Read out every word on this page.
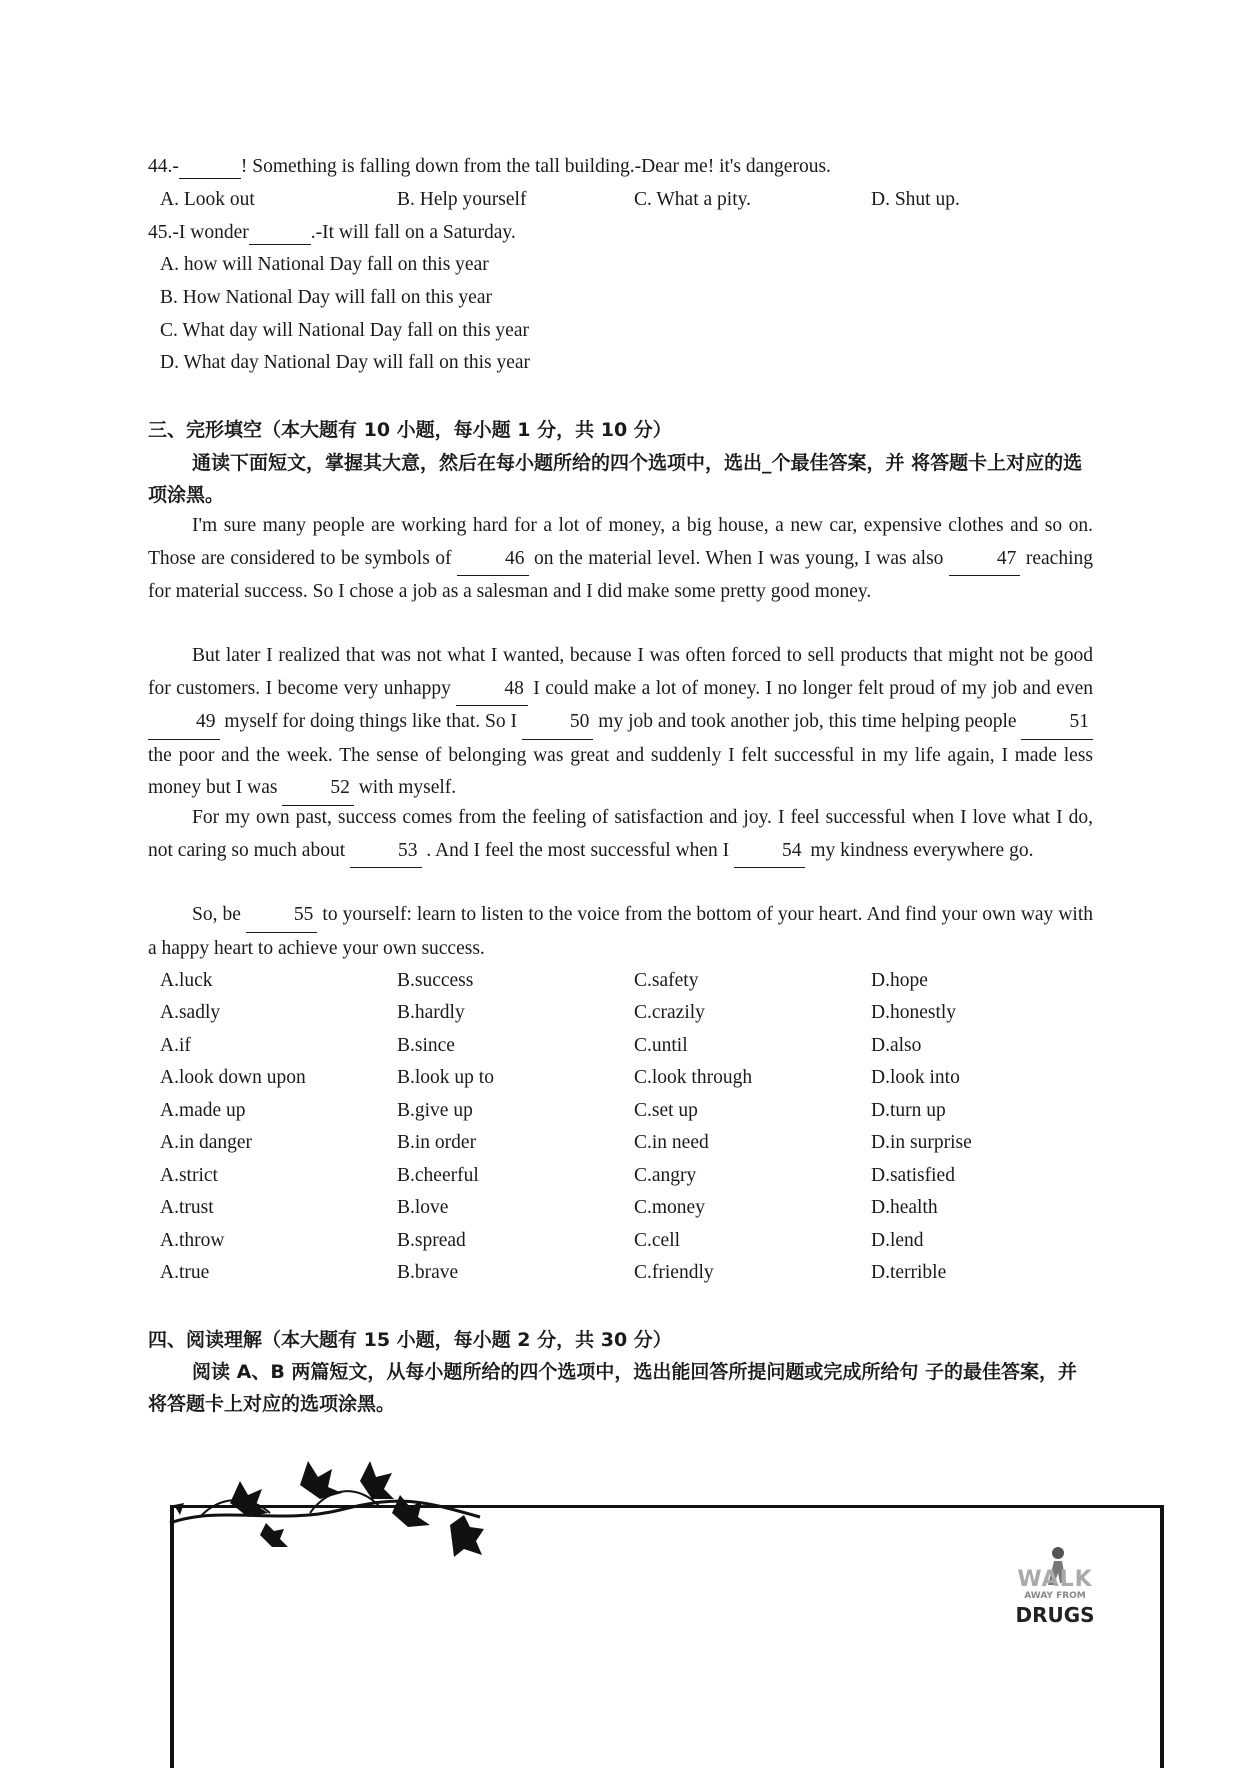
44.-	! Something is falling down from the tall building.-Dear me! it's dangerous.
A. Look out	B. Help yourself	C. What a pity.	D. Shut up.
45.-I wonder	.-It will fall on a Saturday.
A. how will National Day fall on this year
B. How National Day will fall on this year
C. What day will National Day fall on this year
D. What day National Day will fall on this year
三、完形填空（本大题有 10 小题，每小题 1 分，共 10 分）
通读下面短文，掌握其大意，然后在每小题所给的四个选项中，选出_个最佳答案，并 将答题卡上对应的选项涂黑。
I'm sure many people are working hard for a lot of money, a big house, a new car, expensive clothes and so on. Those are considered to be symbols of 46 on the material level. When I was young, I was also 47 reaching for material success. So I chose a job as a salesman and I did make some pretty good money.
But later I realized that was not what I wanted, because I was often forced to sell products that might not be good for customers. I become very unhappy 48 I could make a lot of money. I no longer felt proud of my job and even 49 myself for doing things like that. So I 50 my job and took another job, this time helping people 51 the poor and the week. The sense of belonging was great and suddenly I felt successful in my life again, I made less money but I was 52 with myself.
For my own past, success comes from the feeling of satisfaction and joy. I feel successful when I love what I do, not caring so much about 53 . And I feel the most successful when I 54 my kindness everywhere go.
So, be 55 to yourself: learn to listen to the voice from the bottom of your heart. And find your own way with a happy heart to achieve your own success.
A.luck	B.success	C.safety	D.hope
A.sadly	B.hardly	C.crazily	D.honestly
A.if	B.since	C.until	D.also
A.look down upon	B.look up to	C.look through	D.look into
A.made up	B.give up	C.set up	D.turn up
A.in danger	B.in order	C.in need	D.in surprise
A.strict	B.cheerful	C.angry	D.satisfied
A.trust	B.love	C.money	D.health
A.throw	B.spread	C.cell	D.lend
A.true	B.brave	C.friendly	D.terrible
四、阅读理解（本大题有 15 小题，每小题 2 分，共 30 分）
阅读 A、B 两篇短文，从每小题所给的四个选项中，选出能回答所提问题或完成所给句 子的最佳答案，并将答题卡上对应的选项涂黑。
WALK
AWAY FROM
DRUGS
